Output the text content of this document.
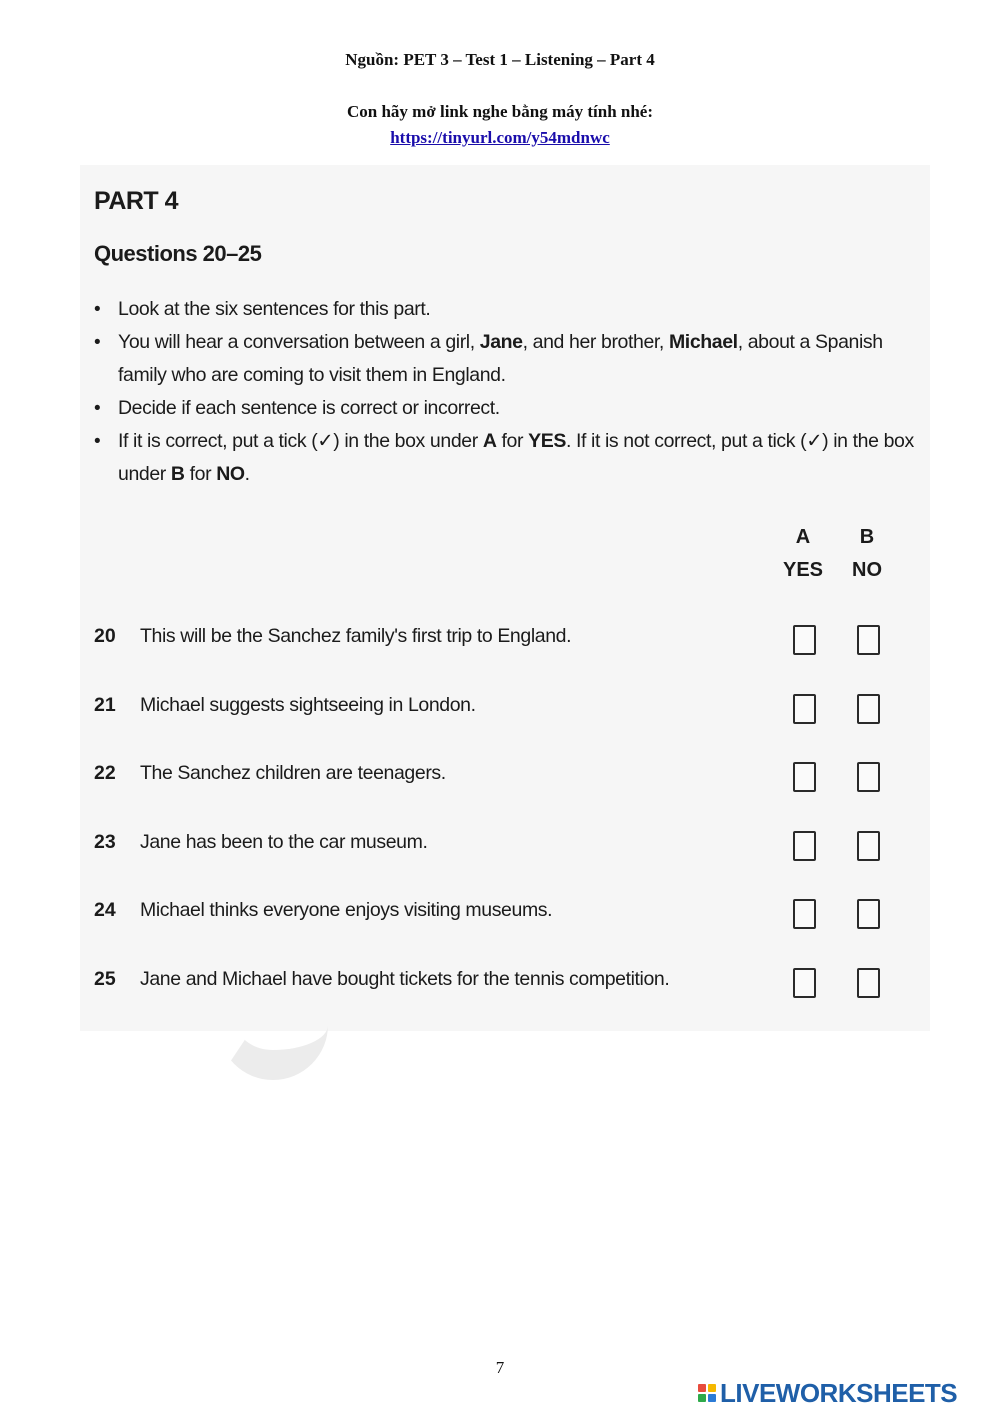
Nguồn: PET 3 – Test 1 – Listening – Part 4
Con hãy mở link nghe bằng máy tính nhé:
https://tinyurl.com/y54mdnwc
PART 4
Questions 20–25
• Look at the six sentences for this part.
• You will hear a conversation between a girl, Jane, and her brother, Michael, about a Spanish family who are coming to visit them in England.
• Decide if each sentence is correct or incorrect.
• If it is correct, put a tick (✓) in the box under A for YES. If it is not correct, put a tick (✓) in the box under B for NO.
A
YES
B
NO
20 This will be the Sanchez family's first trip to England.
21 Michael suggests sightseeing in London.
22 The Sanchez children are teenagers.
23 Jane has been to the car museum.
24 Michael thinks everyone enjoys visiting museums.
25 Jane and Michael have bought tickets for the tennis competition.
7
LIVEWORKSHEETS
